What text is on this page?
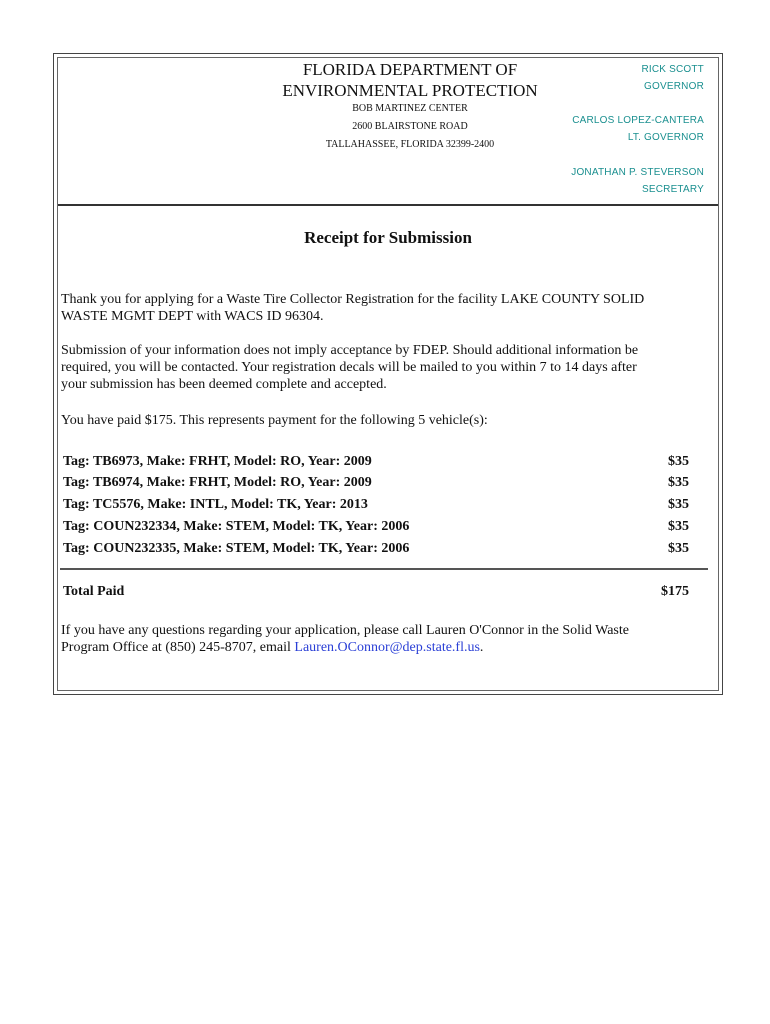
FLORIDA DEPARTMENT OF
ENVIRONMENTAL PROTECTION
BOB MARTINEZ CENTER
2600 BLAIRSTONE ROAD
TALLAHASSEE, FLORIDA 32399-2400
RICK SCOTT
GOVERNOR
CARLOS LOPEZ-CANTERA
LT. GOVERNOR
JONATHAN P. STEVERSON
SECRETARY
Receipt for Submission
Thank you for applying for a Waste Tire Collector Registration for the facility LAKE COUNTY SOLID
WASTE MGMT DEPT with WACS ID 96304.
Submission of your information does not imply acceptance by FDEP. Should additional information be
required, you will be contacted. Your registration decals will be mailed to you within 7 to 14 days after
your submission has been deemed complete and accepted.
You have paid $175. This represents payment for the following 5 vehicle(s):
Tag: TB6973, Make: FRHT, Model: RO, Year: 2009	$35
Tag: TB6974, Make: FRHT, Model: RO, Year: 2009	$35
Tag: TC5576, Make: INTL, Model: TK, Year: 2013	$35
Tag: COUN232334, Make: STEM, Model: TK, Year: 2006	$35
Tag: COUN232335, Make: STEM, Model: TK, Year: 2006	$35
Total Paid	$175
If you have any questions regarding your application, please call Lauren O'Connor in the Solid Waste
Program Office at (850) 245-8707, email Lauren.OConnor@dep.state.fl.us.
